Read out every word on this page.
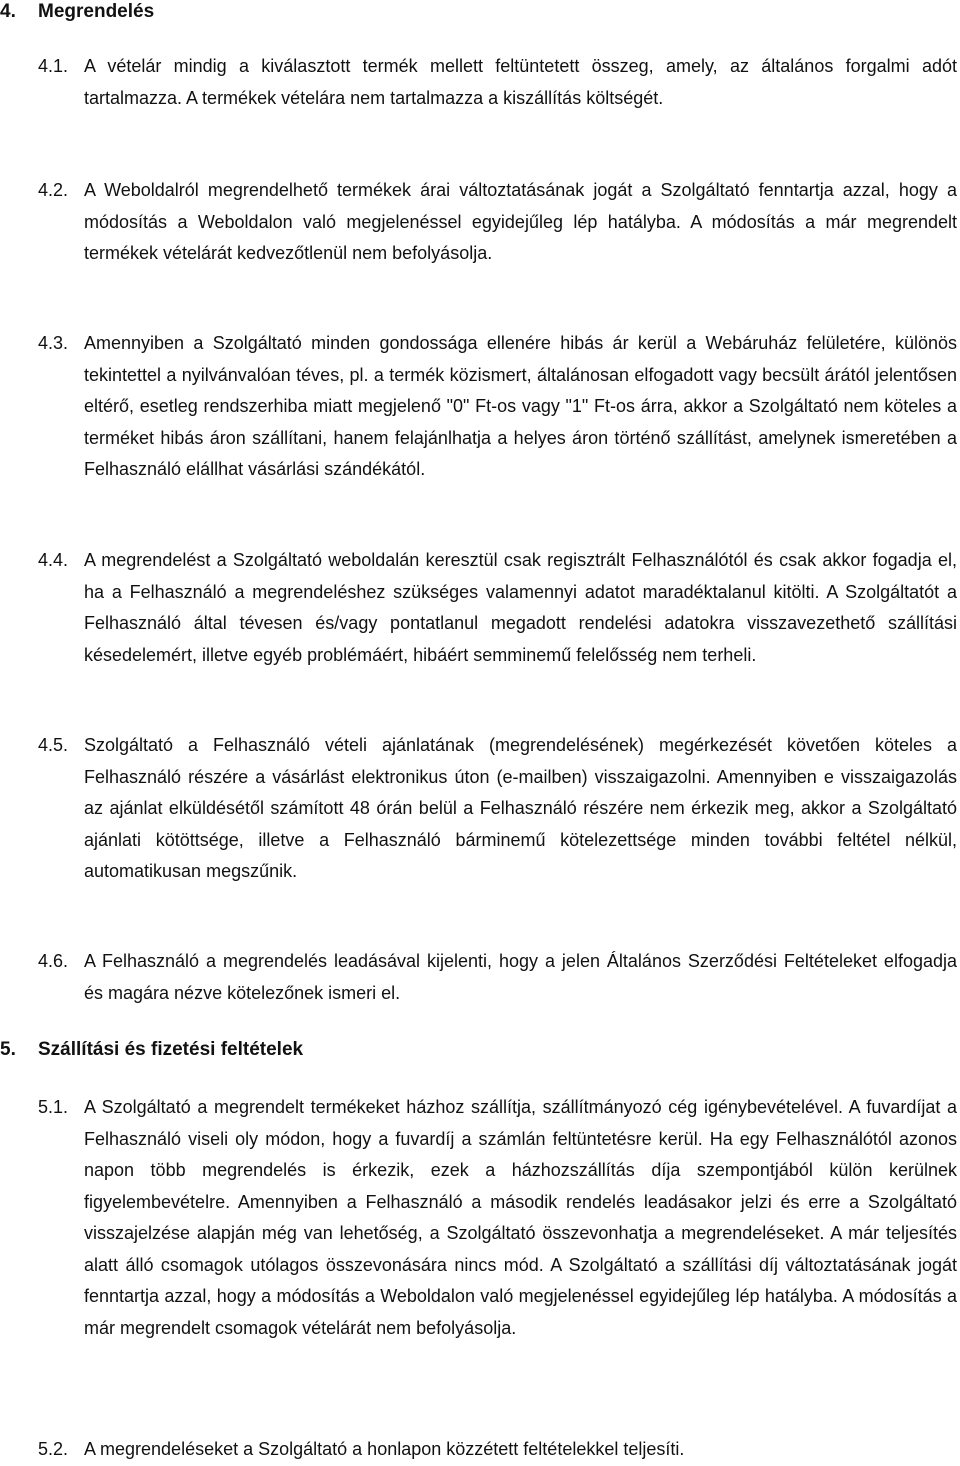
4. Megrendelés
4.1. A vételár mindig a kiválasztott termék mellett feltüntetett összeg, amely, az általános forgalmi adót tartalmazza. A termékek vételára nem tartalmazza a kiszállítás költségét.

4.2. A Weboldalról megrendelhető termékek árai változtatásának jogát a Szolgáltató fenntartja azzal, hogy a módosítás a Weboldalon való megjelenéssel egyidejűleg lép hatályba. A módosítás a már megrendelt termékek vételárát kedvezőtlenül nem befolyásolja.

4.3. Amennyiben a Szolgáltató minden gondossága ellenére hibás ár kerül a Webáruház felületére, különös tekintettel a nyilvánvalóan téves, pl. a termék közismert, általánosan elfogadott vagy becsült árától jelentősen eltérő, esetleg rendszerhiba miatt megjelenő "0" Ft-os vagy "1" Ft-os árra, akkor a Szolgáltató nem köteles a terméket hibás áron szállítani, hanem felajánlhatja a helyes áron történő szállítást, amelynek ismeretében a Felhasználó elállhat vásárlási szándékától.

4.4. A megrendelést a Szolgáltató weboldalán keresztül csak regisztrált Felhasználótól és csak akkor fogadja el, ha a Felhasználó a megrendeléshez szükséges valamennyi adatot maradéktalanul kitölti. A Szolgáltatót a Felhasználó által tévesen és/vagy pontatlanul megadott rendelési adatokra visszavezethető szállítási késedelemért, illetve egyéb problémáért, hibáért semminemű felelősség nem terheli.

4.5. Szolgáltató a Felhasználó vételi ajánlatának (megrendelésének) megérkezését követően köteles a Felhasználó részére a vásárlást elektronikus úton (e-mailben) visszaigazolni. Amennyiben e visszaigazolás az ajánlat elküldésétől számított 48 órán belül a Felhasználó részére nem érkezik meg, akkor a Szolgáltató ajánlati kötöttsége, illetve a Felhasználó bárminemű kötelezettsége minden további feltétel nélkül, automatikusan megszűnik.

4.6. A Felhasználó a megrendelés leadásával kijelenti, hogy a jelen Általános Szerződési Feltételeket elfogadja és magára nézve kötelezőnek ismeri el.

5. Szállítási és fizetési feltételek
5.1. A Szolgáltató a megrendelt termékeket házhoz szállítja, szállítmányozó cég igénybevételével. A fuvardíjat a Felhasználó viseli oly módon, hogy a fuvardíj a számlán feltüntetésre kerül. Ha egy Felhasználótól azonos napon több megrendelés is érkezik, ezek a házhozszállítás díja szempontjából külön kerülnek figyelembevételre. Amennyiben a Felhasználó a második rendelés leadásakor jelzi és erre a Szolgáltató visszajelzése alapján még van lehetőség, a Szolgáltató összevonhatja a megrendeléseket. A már teljesítés alatt álló csomagok utólagos összevonására nincs mód. A Szolgáltató a szállítási díj változtatásának jogát fenntartja azzal, hogy a módosítás a Weboldalon való megjelenéssel egyidejűleg lép hatályba. A módosítás a már megrendelt csomagok vételárát nem befolyásolja.

5.2. A megrendeléseket a Szolgáltató a honlapon közzétett feltételekkel teljesíti.
